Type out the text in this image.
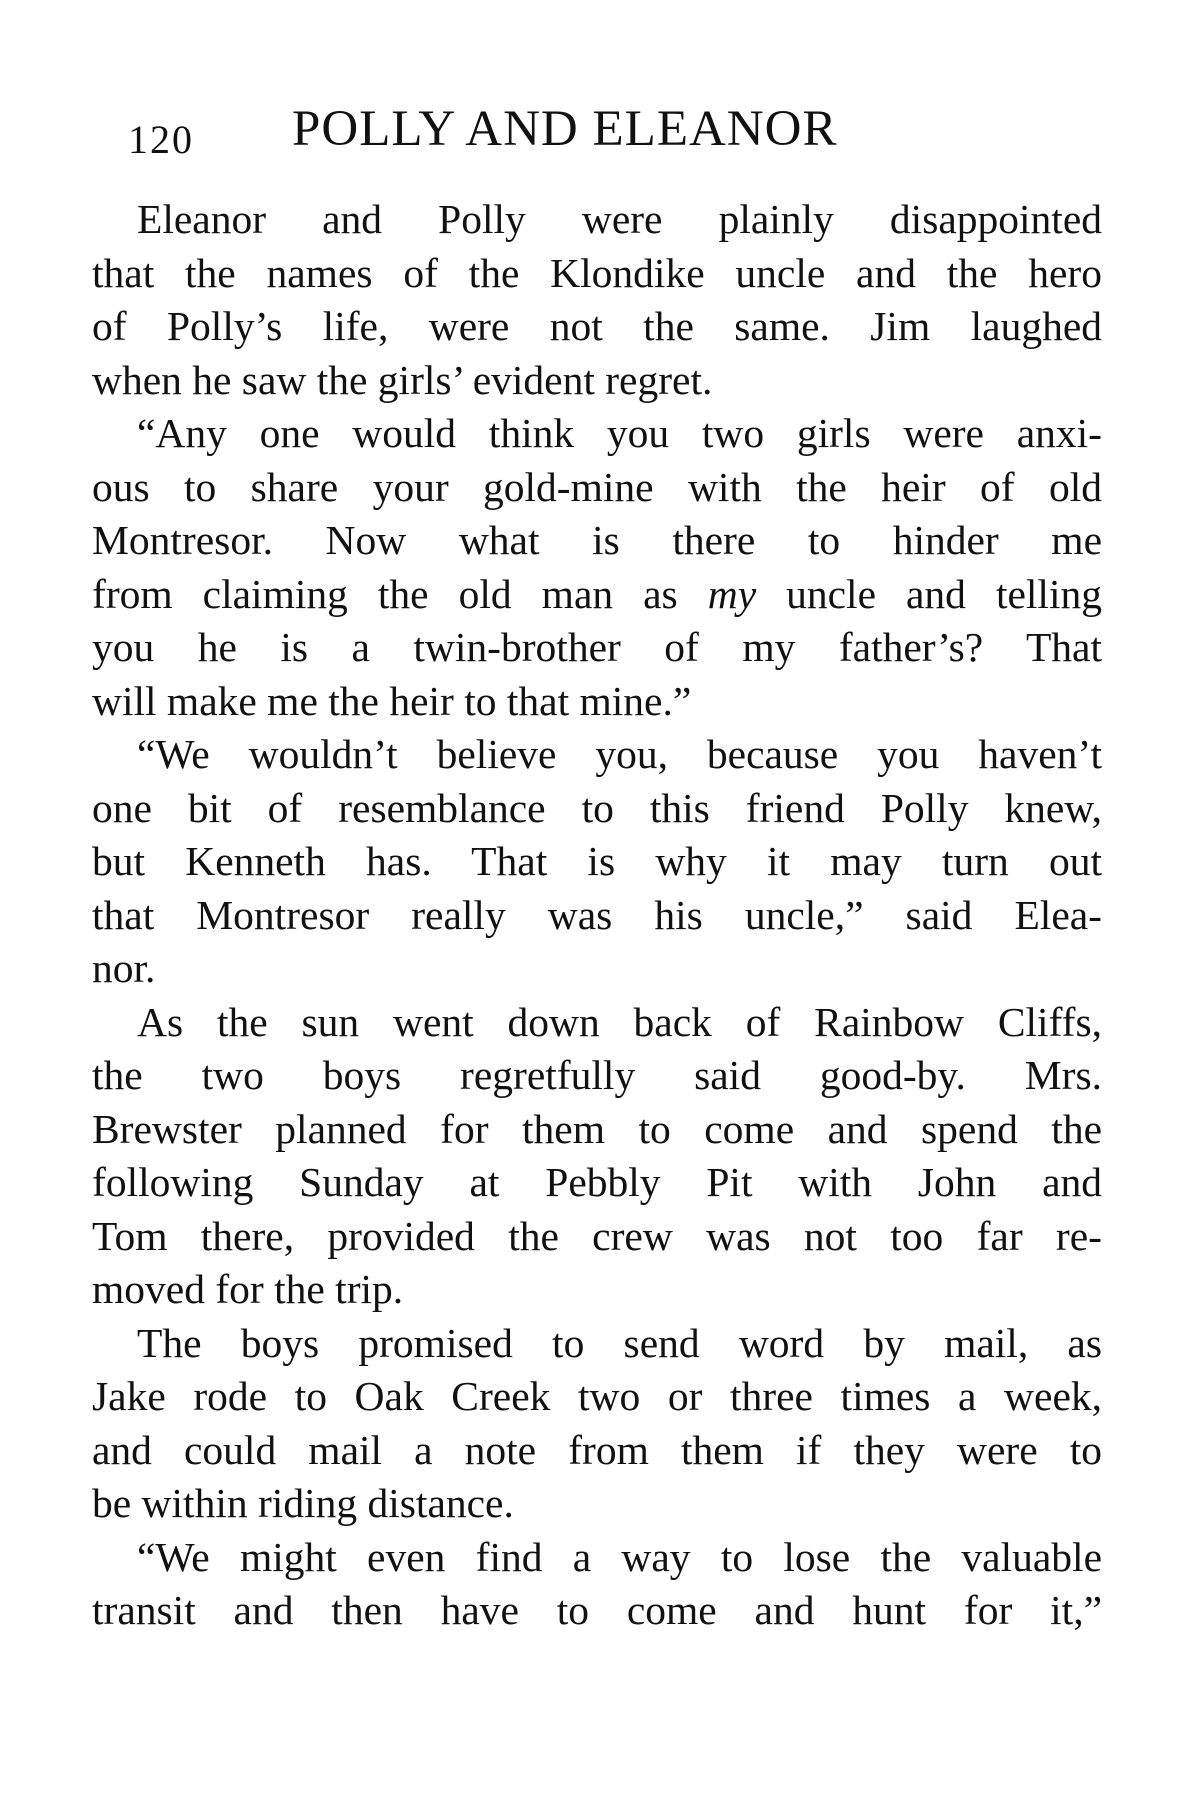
120 POLLY AND ELEANOR
Eleanor and Polly were plainly disappointed
that the names of the Klondike uncle and the hero
of Polly’s life, were not the same. Jim laughed
when he saw the girls’ evident regret.
“Any one would think you two girls were anxi-
ous to share your gold-mine with the heir of old
Montresor. Now what is there to hinder me
from claiming the old man as my uncle and telling
you he is a twin-brother of my father’s? That
will make me the heir to that mine.”
“We wouldn’t believe you, because you haven’t
one bit of resemblance to this friend Polly knew,
but Kenneth has. That is why it may turn out
that Montresor really was his uncle,” said Elea-
nor.
As the sun went down back of Rainbow Cliffs,
the two boys regretfully said good-by. Mrs.
Brewster planned for them to come and spend the
following Sunday at Pebbly Pit with John and
Tom there, provided the crew was not too far re-
moved for the trip.
The boys promised to send word by mail, as
Jake rode to Oak Creek two or three times a week,
and could mail a note from them if they were to
be within riding distance.
“We might even find a way to lose the valuable
transit and then have to come and hunt for it,”
